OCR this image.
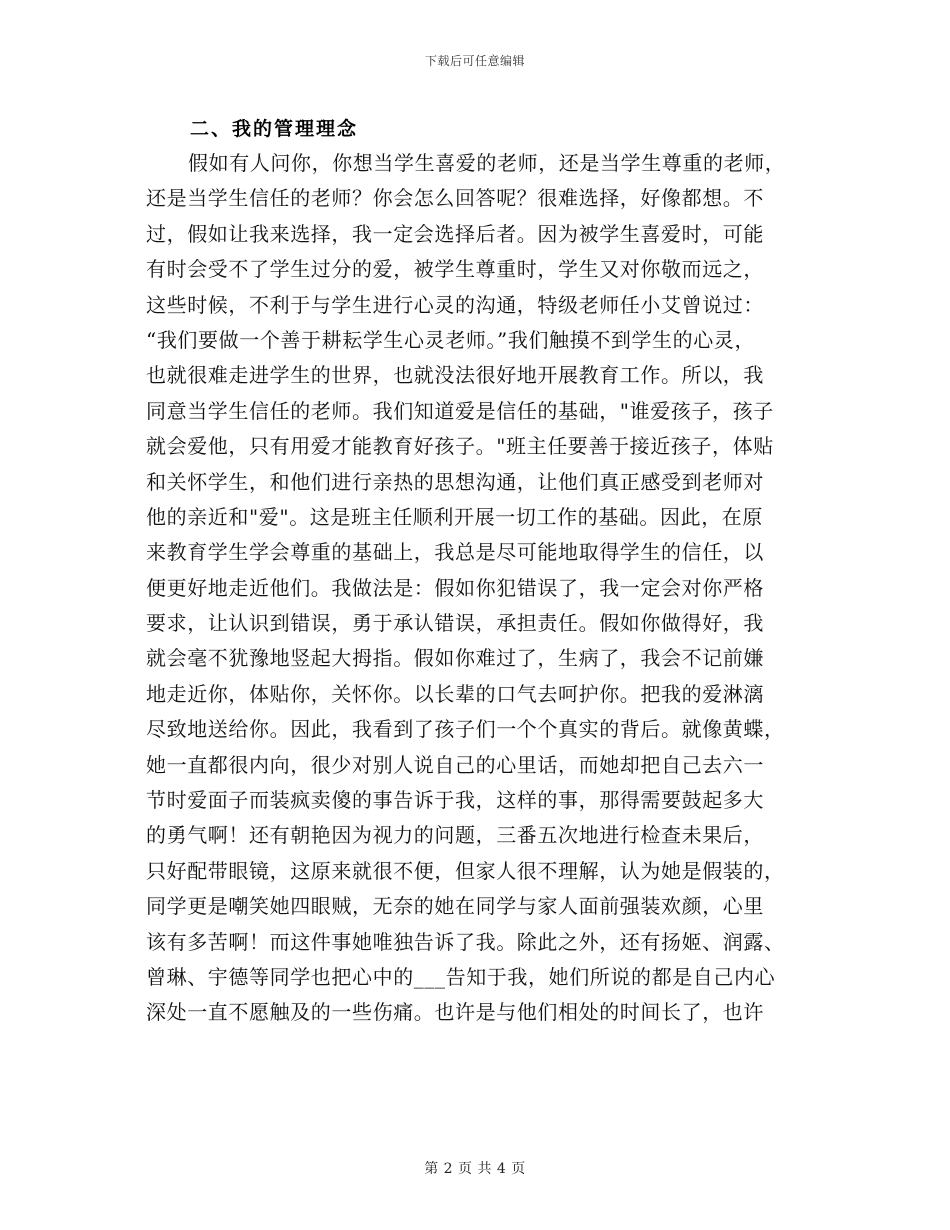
下载后可任意编辑
二、我的管理理念
假如有人问你，你想当学生喜爱的老师，还是当学生尊重的老师，
还是当学生信任的老师？你会怎么回答呢？很难选择，好像都想。不
过，假如让我来选择，我一定会选择后者。因为被学生喜爱时，可能
有时会受不了学生过分的爱，被学生尊重时，学生又对你敬而远之，
这些时候，不利于与学生进行心灵的沟通，特级老师任小艾曾说过：
“我们要做一个善于耕耘学生心灵老师。”我们触摸不到学生的心灵，
也就很难走进学生的世界，也就没法很好地开展教育工作。所以，我
同意当学生信任的老师。我们知道爱是信任的基础，"谁爱孩子，孩子
就会爱他，只有用爱才能教育好孩子。"班主任要善于接近孩子，体贴
和关怀学生，和他们进行亲热的思想沟通，让他们真正感受到老师对
他的亲近和"爱"。这是班主任顺利开展一切工作的基础。因此，在原
来教育学生学会尊重的基础上，我总是尽可能地取得学生的信任，以
便更好地走近他们。我做法是：假如你犯错误了，我一定会对你严格
要求，让认识到错误，勇于承认错误，承担责任。假如你做得好，我
就会毫不犹豫地竖起大拇指。假如你难过了，生病了，我会不记前嫌
地走近你，体贴你，关怀你。以长辈的口气去呵护你。把我的爱淋漓
尽致地送给你。因此，我看到了孩子们一个个真实的背后。就像黄蝶，
她一直都很内向，很少对别人说自己的心里话，而她却把自己去六一
节时爱面子而装疯卖傻的事告诉于我，这样的事，那得需要鼓起多大
的勇气啊！还有朝艳因为视力的问题，三番五次地进行检查未果后，
只好配带眼镜，这原来就很不便，但家人很不理解，认为她是假装的，
同学更是嘲笑她四眼贼，无奈的她在同学与家人面前强装欢颜，心里
该有多苦啊！而这件事她唯独告诉了我。除此之外，还有扬姬、润露、
曾琳、宇德等同学也把心中的___告知于我，她们所说的都是自己内心
深处一直不愿触及的一些伤痛。也许是与他们相处的时间长了，也许
第 2 页 共 4 页
